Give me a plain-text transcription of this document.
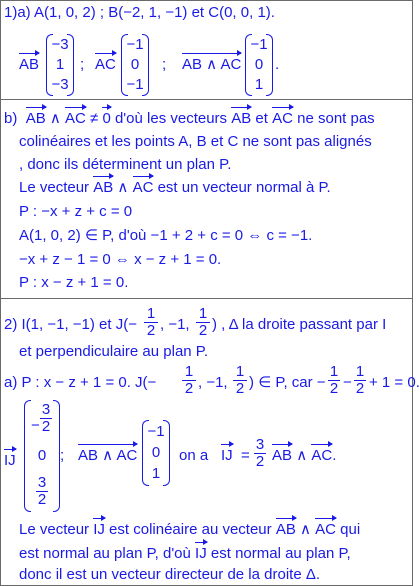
1)a) A(1, 0, 2) ; B(−2, 1, −1) et C(0, 0, 1).
AB
−3
1
−3
; AC
−1
0
−1
; AB ∧ AC
−1
0
1
.
b) AB ∧ AC ≠ 0 d'où les vecteurs AB et AC ne sont pas
colinéaires et les points A, B et C ne sont pas alignés
, donc ils déterminent un plan P.
Le vecteur AB ∧ AC est un vecteur normal à P.
P : −x + z + c = 0
A(1, 0, 2) ∈ P, d'où −1 + 2 + c = 0 ⇔ c = −1.
−x + z − 1 = 0 ⇔ x − z + 1 = 0.
P : x − z + 1 = 0.
2) I(1, −1, −1) et J(−
1
2 , −1,
1
2 ) , Δ la droite passant par I
et perpendiculaire au plan P.
a) P : x − z + 1 = 0. J(−
1
2 , −1,
1
2 ) ∈ P, car −
1
2 −
1
2 + 1 = 0.
IJ
−
3
2
0
3
2
; AB ∧ AC
−1
0
1
on a IJ =
3
2 AB ∧ AC.
Le vecteur IJ est colinéaire au vecteur AB ∧ AC qui
est normal au plan P, d'où IJ est normal au plan P,
donc il est un vecteur directeur de la droite Δ.
